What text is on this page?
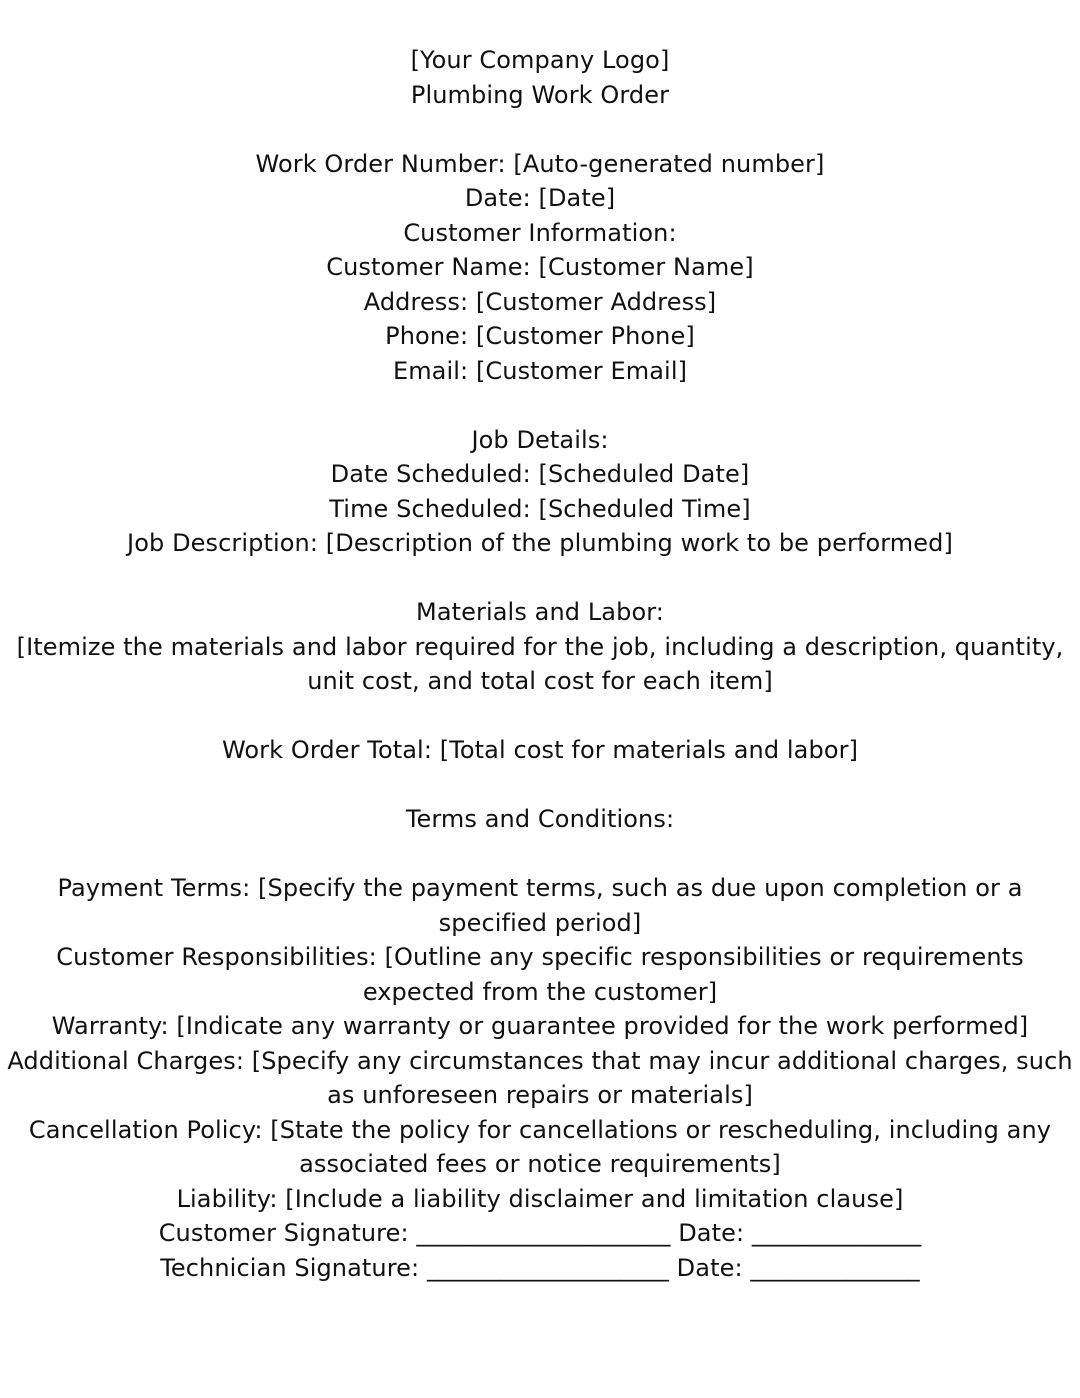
[Your Company Logo]
Plumbing Work Order
Work Order Number: [Auto-generated number]
Date: [Date]
Customer Information:
Customer Name: [Customer Name]
Address: [Customer Address]
Phone: [Customer Phone]
Email: [Customer Email]
Job Details:
Date Scheduled: [Scheduled Date]
Time Scheduled: [Scheduled Time]
Job Description: [Description of the plumbing work to be performed]
Materials and Labor:
[Itemize the materials and labor required for the job, including a description, quantity, unit cost, and total cost for each item]
Work Order Total: [Total cost for materials and labor]
Terms and Conditions:
Payment Terms: [Specify the payment terms, such as due upon completion or a specified period]
Customer Responsibilities: [Outline any specific responsibilities or requirements expected from the customer]
Warranty: [Indicate any warranty or guarantee provided for the work performed]
Additional Charges: [Specify any circumstances that may incur additional charges, such as unforeseen repairs or materials]
Cancellation Policy: [State the policy for cancellations or rescheduling, including any associated fees or notice requirements]
Liability: [Include a liability disclaimer and limitation clause]
Customer Signature: _____________________ Date: ______________
Technician Signature: ____________________ Date: ______________
